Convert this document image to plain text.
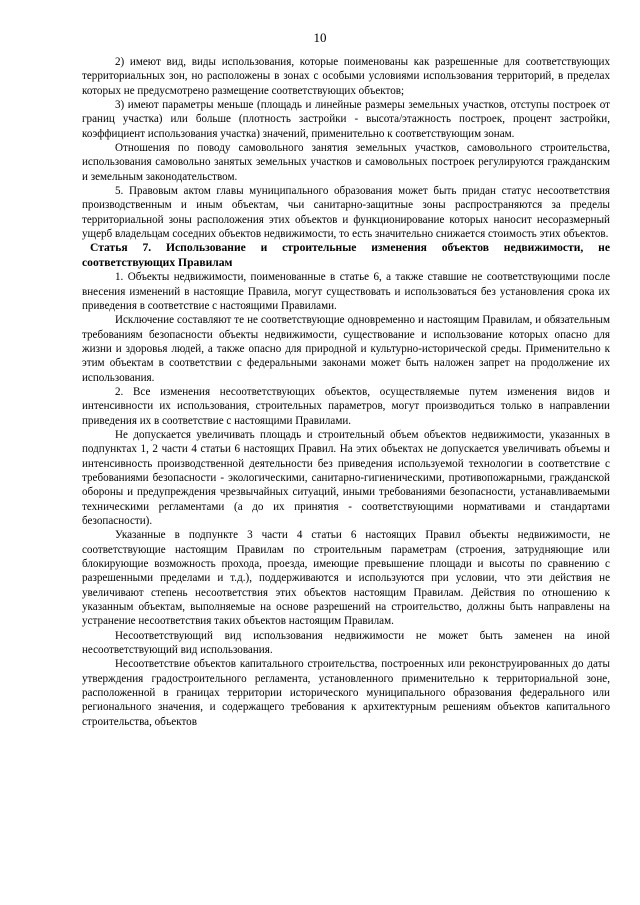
10

2) имеют вид, виды использования, которые поименованы как разрешенные для соответствующих территориальных зон, но расположены в зонах с особыми условиями использования территорий, в пределах которых не предусмотрено размещение соответствующих объектов;

3) имеют параметры меньше (площадь и линейные размеры земельных участков, отступы построек от границ участка) или больше (плотность застройки - высота/этажность построек, процент застройки, коэффициент использования участка) значений, применительно к соответствующим зонам.

Отношения по поводу самовольного занятия земельных участков, самовольного строительства, использования самовольно занятых земельных участков и самовольных построек регулируются гражданским и земельным законодательством.

5. Правовым актом главы муниципального образования может быть придан статус несоответствия производственным и иным объектам, чьи санитарно-защитные зоны распространяются за пределы территориальной зоны расположения этих объектов и функционирование которых наносит несоразмерный ущерб владельцам соседних объектов недвижимости, то есть значительно снижается стоимость этих объектов.

Статья 7. Использование и строительные изменения объектов недвижимости, не соответствующих Правилам

1. Объекты недвижимости, поименованные в статье 6, а также ставшие не соответствующими после внесения изменений в настоящие Правила, могут существовать и использоваться без установления срока их приведения в соответствие с настоящими Правилами.

Исключение составляют те не соответствующие одновременно и настоящим Правилам, и обязательным требованиям безопасности объекты недвижимости, существование и использование которых опасно для жизни и здоровья людей, а также опасно для природной и культурно-исторической среды. Применительно к этим объектам в соответствии с федеральными законами может быть наложен запрет на продолжение их использования.

2. Все изменения несоответствующих объектов, осуществляемые путем изменения видов и интенсивности их использования, строительных параметров, могут производиться только в направлении приведения их в соответствие с настоящими Правилами.

Не допускается увеличивать площадь и строительный объем объектов недвижимости, указанных в подпунктах 1, 2 части 4 статьи 6 настоящих Правил. На этих объектах не допускается увеличивать объемы и интенсивность производственной деятельности без приведения используемой технологии в соответствие с требованиями безопасности - экологическими, санитарно-гигиеническими, противопожарными, гражданской обороны и предупреждения чрезвычайных ситуаций, иными требованиями безопасности, устанавливаемыми техническими регламентами (а до их принятия - соответствующими нормативами и стандартами безопасности).

Указанные в подпункте 3 части 4 статьи 6 настоящих Правил объекты недвижимости, не соответствующие настоящим Правилам по строительным параметрам (строения, затрудняющие или блокирующие возможность прохода, проезда, имеющие превышение площади и высоты по сравнению с разрешенными пределами и т.д.), поддерживаются и используются при условии, что эти действия не увеличивают степень несоответствия этих объектов настоящим Правилам. Действия по отношению к указанным объектам, выполняемые на основе разрешений на строительство, должны быть направлены на устранение несоответствия таких объектов настоящим Правилам.

Несоответствующий вид использования недвижимости не может быть заменен на иной несоответствующий вид использования.

Несоответствие объектов капитального строительства, построенных или реконструированных до даты утверждения градостроительного регламента, установленного применительно к территориальной зоне, расположенной в границах территории исторического муниципального образования федерального или регионального значения, и содержащего требования к архитектурным решениям объектов капитального строительства, объектов
